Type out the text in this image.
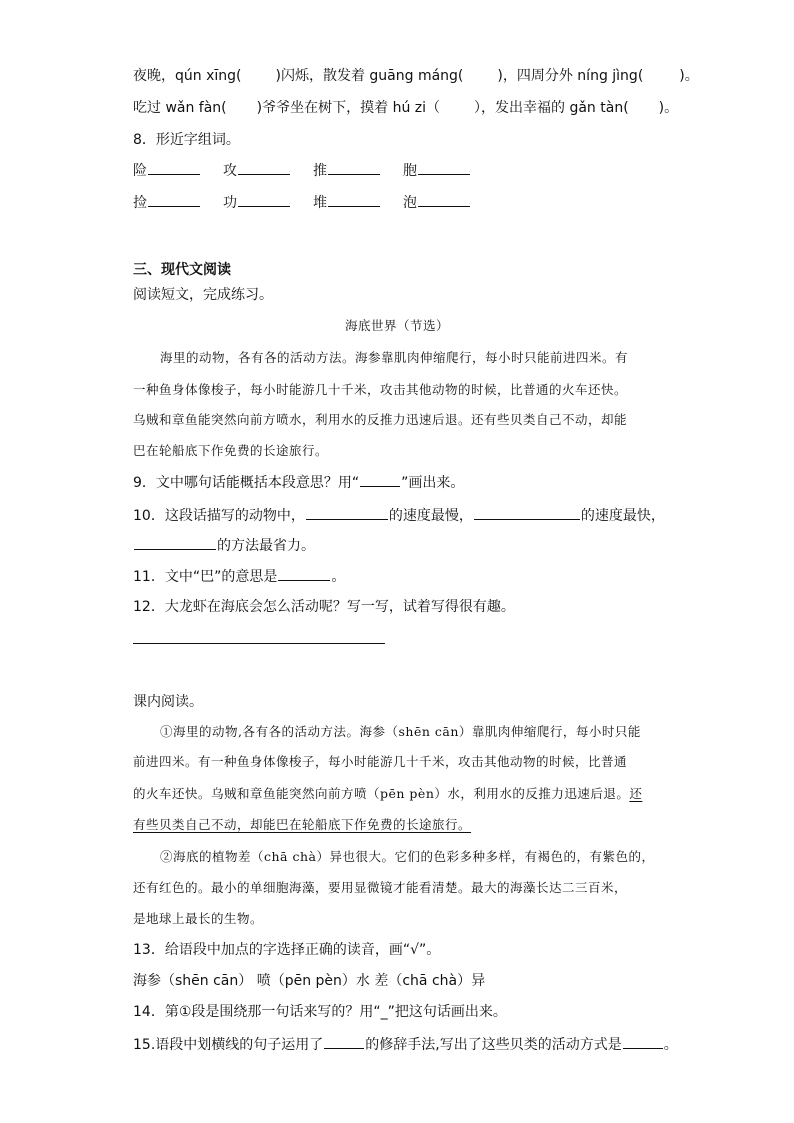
夜晚，qún xīng( )闪烁，散发着 guāng máng( )，四周分外 níng jìng(	)。
吃过 wǎn fàn( )爷爷坐在树下，摸着 hú zi（ ），发出幸福的 gǎn tàn( )。
8．形近字组词。
险	攻	推	胞
捡	功	堆	泡
三、现代文阅读
阅读短文，完成练习。
海底世界（节选）
海里的动物，各有各的活动方法。海参靠肌肉伸缩爬行，每小时只能前进四米。有
一种鱼身体像梭子，每小时能游几十千米，攻击其他动物的时候，比普通的火车还快。
乌贼和章鱼能突然向前方喷水，利用水的反推力迅速后退。还有些贝类自己不动，却能
巴在轮船底下作免费的长途旅行。
9．文中哪句话能概括本段意思？用“	”画出来。
10．这段话描写的动物中，	的速度最慢，	的速度最快，
的方法最省力。
11．文中“巴”的意思是	。
12．大龙虾在海底会怎么活动呢？写一写，试着写得很有趣。
课内阅读。
①海里的动物,各有各的活动方法。海参（shēn cān）靠肌肉伸缩爬行，每小时只能
前进四米。有一种鱼身体像梭子，每小时能游几十千米，攻击其他动物的时候，比普通
的火车还快。乌贼和章鱼能突然向前方喷（pēn pèn）水，利用水的反推力迅速后退。还
有些贝类自己不动，却能巴在轮船底下作免费的长途旅行。
②海底的植物差（chā chà）异也很大。它们的色彩多种多样，有褐色的，有紫色的，
还有红色的。最小的单细胞海藻，要用显微镜才能看清楚。最大的海藻长达二三百米，
是地球上最长的生物。
13．给语段中加点的字选择正确的读音，画“√”。
海参（shēn cān） 喷（pēn pèn）水 差（chā chà）异
14．第①段是围绕那一句话来写的？用“_”把这句话画出来。
15.语段中划横线的句子运用了	的修辞手法,写出了这些贝类的活动方式是	。
